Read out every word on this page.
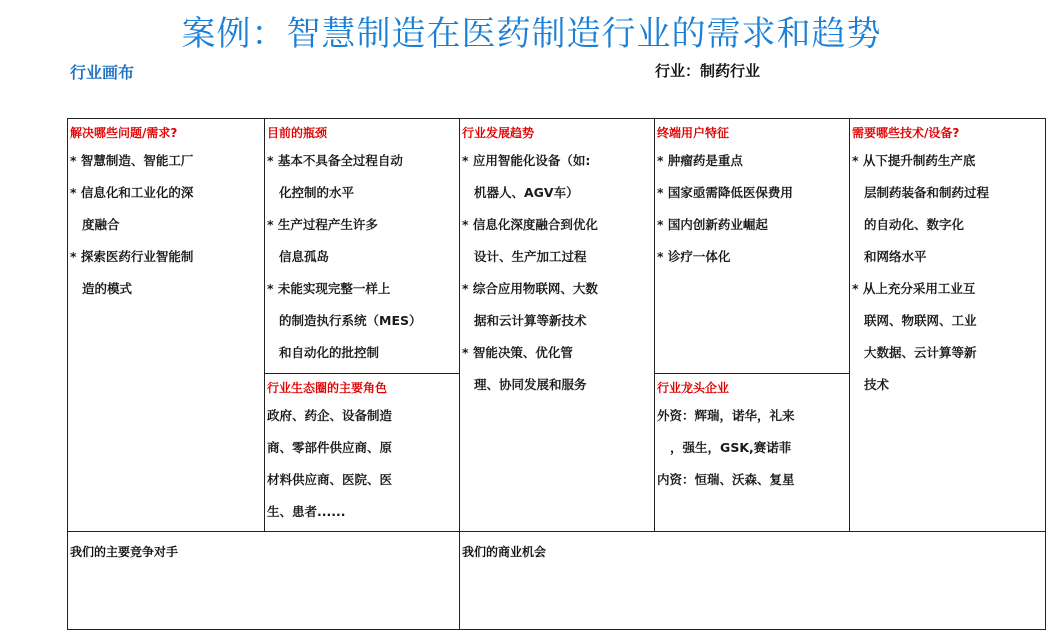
案例：智慧制造在医药制造行业的需求和趋势
行业画布	行业：制药行业
解决哪些问题/需求?
* 智慧制造、智能工厂
* 信息化和工业化的深
度融合
* 探索医药行业智能制
造的模式
目前的瓶颈
* 基本不具备全过程自动
化控制的水平
* 生产过程产生许多
信息孤岛
* 未能实现完整一样上
的制造执行系统（MES）
和自动化的批控制
行业生态圈的主要角色

政府、药企、设备制造

商、零部件供应商、原

材料供应商、医院、医

生、患者......

行业发展趋势
* 应用智能化设备（如:
机器人、AGV车）
* 信息化深度融合到优化
设计、生产加工过程
* 综合应用物联网、大数
据和云计算等新技术
* 智能决策、优化管
理、协同发展和服务
终端用户特征
* 肿瘤药是重点
* 国家亟需降低医保费用
* 国内创新药业崛起
* 诊疗一体化
行业龙头企业

外资：辉瑞，诺华，礼来

，强生，GSK,赛诺菲

内资：恒瑞、沃森、复星

需要哪些技术/设备?
* 从下提升制药生产底
层制药装备和制药过程
的自动化、数字化
和网络水平
* 从上充分采用工业互
联网、物联网、工业
大数据、云计算等新
技术
我们的主要竞争对手	我们的商业机会
